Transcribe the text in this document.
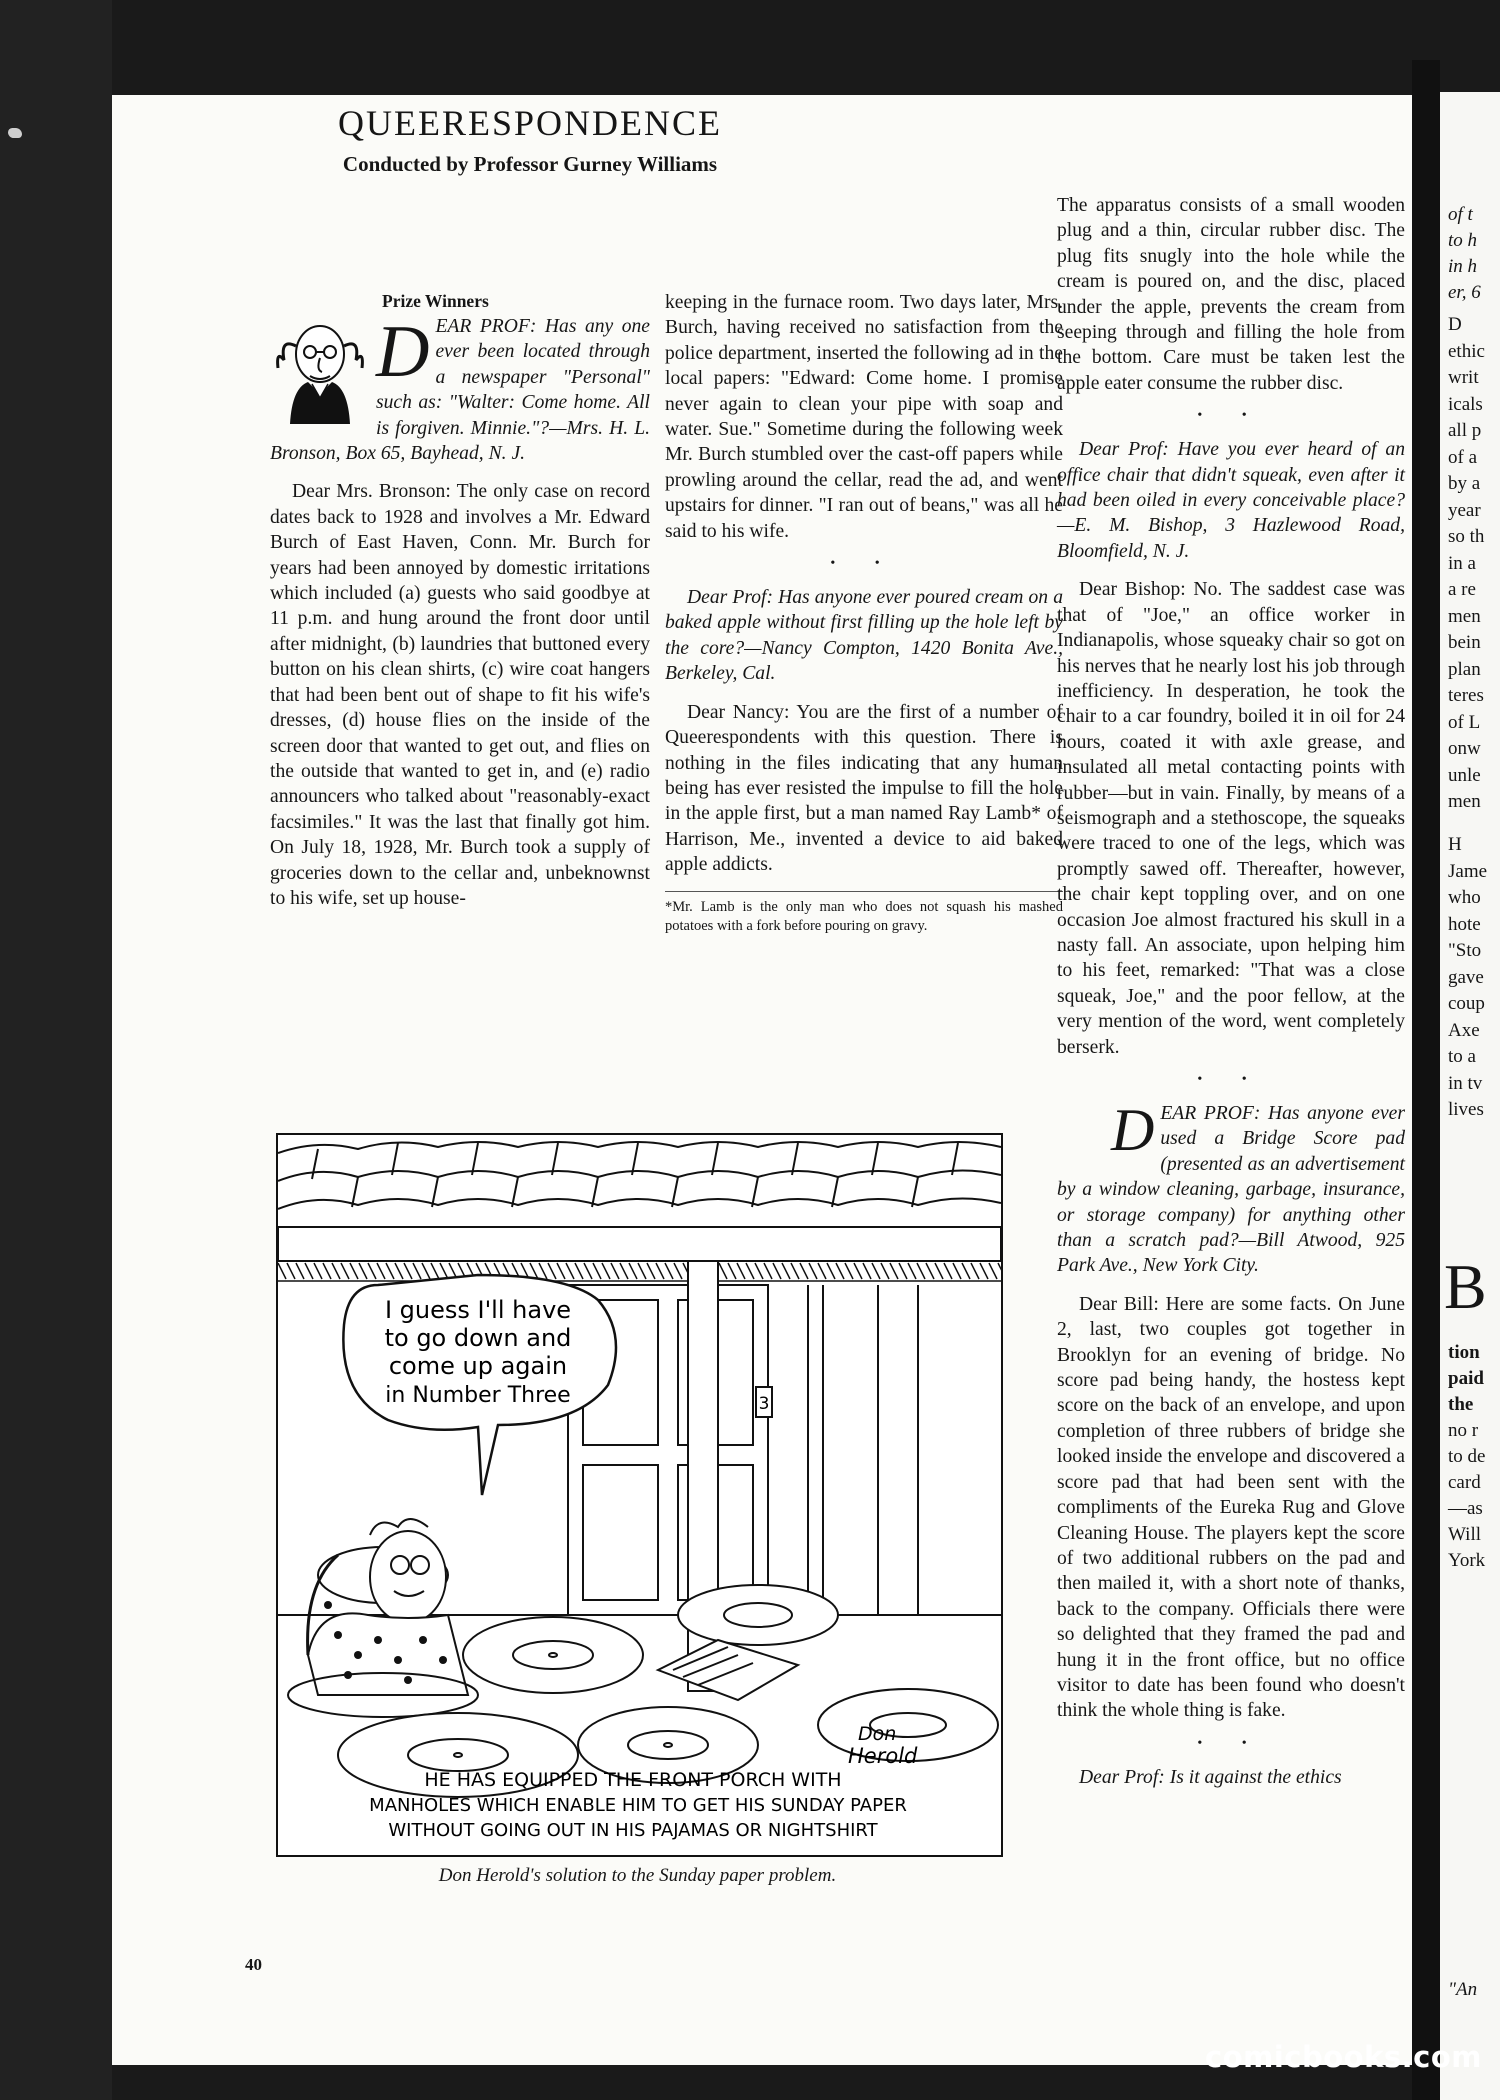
QUEERESPONDENCE
Conducted by Professor Gurney Williams
Prize Winners
D EAR PROF: Has any one ever been located through a newspaper "Personal" such as: "Walter: Come home. All is forgiven. Minnie."?—Mrs. H. L. Bronson, Box 65, Bayhead, N. J.

Dear Mrs. Bronson: The only case on record dates back to 1928 and involves a Mr. Edward Burch of East Haven, Conn. Mr. Burch for years had been annoyed by domestic irritations which included (a) guests who said goodbye at 11 p.m. and hung around the front door until after midnight, (b) laundries that buttoned every button on his clean shirts, (c) wire coat hangers that had been bent out of shape to fit his wife's dresses, (d) house flies on the inside of the screen door that wanted to get out, and flies on the outside that wanted to get in, and (e) radio announcers who talked about "reasonably-exact facsimiles." It was the last that finally got him. On July 18, 1928, Mr. Burch took a supply of groceries down to the cellar and, unbeknownst to his wife, set up house-

keeping in the furnace room. Two days later, Mrs. Burch, having received no satisfaction from the police department, inserted the following ad in the local papers: "Edward: Come home. I promise never again to clean your pipe with soap and water. Sue." Sometime during the following week Mr. Burch stumbled over the cast-off papers while prowling around the cellar, read the ad, and went upstairs for dinner. "I ran out of beans," was all he said to his wife.

• •

Dear Prof: Has anyone ever poured cream on a baked apple without first filling up the hole left by the core?—Nancy Compton, 1420 Bonita Ave., Berkeley, Cal.

Dear Nancy: You are the first of a number of Queerespondents with this question. There is nothing in the files indicating that any human being has ever resisted the impulse to fill the hole in the apple first, but a man named Ray Lamb* of Harrison, Me., invented a device to aid baked apple addicts.

*Mr. Lamb is the only man who does not squash his mashed potatoes with a fork before pouring on gravy.

The apparatus consists of a small wooden plug and a thin, circular rubber disc. The plug fits snugly into the hole while the cream is poured on, and the disc, placed under the apple, prevents the cream from seeping through and filling the hole from the bottom. Care must be taken lest the apple eater consume the rubber disc.

• •

Dear Prof: Have you ever heard of an office chair that didn't squeak, even after it had been oiled in every conceivable place?—E. M. Bishop, 3 Hazlewood Road, Bloomfield, N. J.

Dear Bishop: No. The saddest case was that of "Joe," an office worker in Indianapolis, whose squeaky chair so got on his nerves that he nearly lost his job through inefficiency. In desperation, he took the chair to a car foundry, boiled it in oil for 24 hours, coated it with axle grease, and insulated all metal contacting points with rubber—but in vain. Finally, by means of a seismograph and a stethoscope, the squeaks were traced to one of the legs, which was promptly sawed off. Thereafter, however, the chair kept toppling over, and on one occasion Joe almost fractured his skull in a nasty fall. An associate, upon helping him to his feet, remarked: "That was a close squeak, Joe," and the poor fellow, at the very mention of the word, went completely berserk.

• •
D EAR PROF: Has anyone ever used a Bridge Score pad (presented as an advertisement by a window cleaning, garbage, insurance, or storage company) for anything other than a scratch pad?—Bill Atwood, 925 Park Ave., New York City.

Dear Bill: Here are some facts. On June 2, last, two couples got together in Brooklyn for an evening of bridge. No score pad being handy, the hostess kept score on the back of an envelope, and upon completion of three rubbers of bridge she looked inside the envelope and discovered a score pad that had been sent with the compliments of the Eureka Rug and Glove Cleaning House. The players kept the score of two additional rubbers on the pad and then mailed it, with a short note of thanks, back to the company. Officials there were so delighted that they framed the pad and hung it in the front office, but no office visitor to date has been found who doesn't think the whole thing is fake.

• •

Dear Prof: Is it against the ethics

3
I guess I'll have
to go down and
come up again
in Number Three
Don
Herold
HE HAS EQUIPPED THE FRONT PORCH WITH
MANHOLES WHICH ENABLE HIM TO GET HIS SUNDAY PAPER
WITHOUT GOING OUT IN HIS PAJAMAS OR NIGHTSHIRT
Don Herold's solution to the Sunday paper problem.
40
of t
to h
in h
er, 6
D
ethic
writ
icals
all p
of a
by a
year
so th
in a
a re
men
bein
plan
teres
of L
onw
unle
men
H
Jame
who
hote
"Sto
gave
coup
Axe
to a
in tv
lives
tion
paid
the
no r
to de
card
—as
Will
York
"An
B
comicbooks.com
